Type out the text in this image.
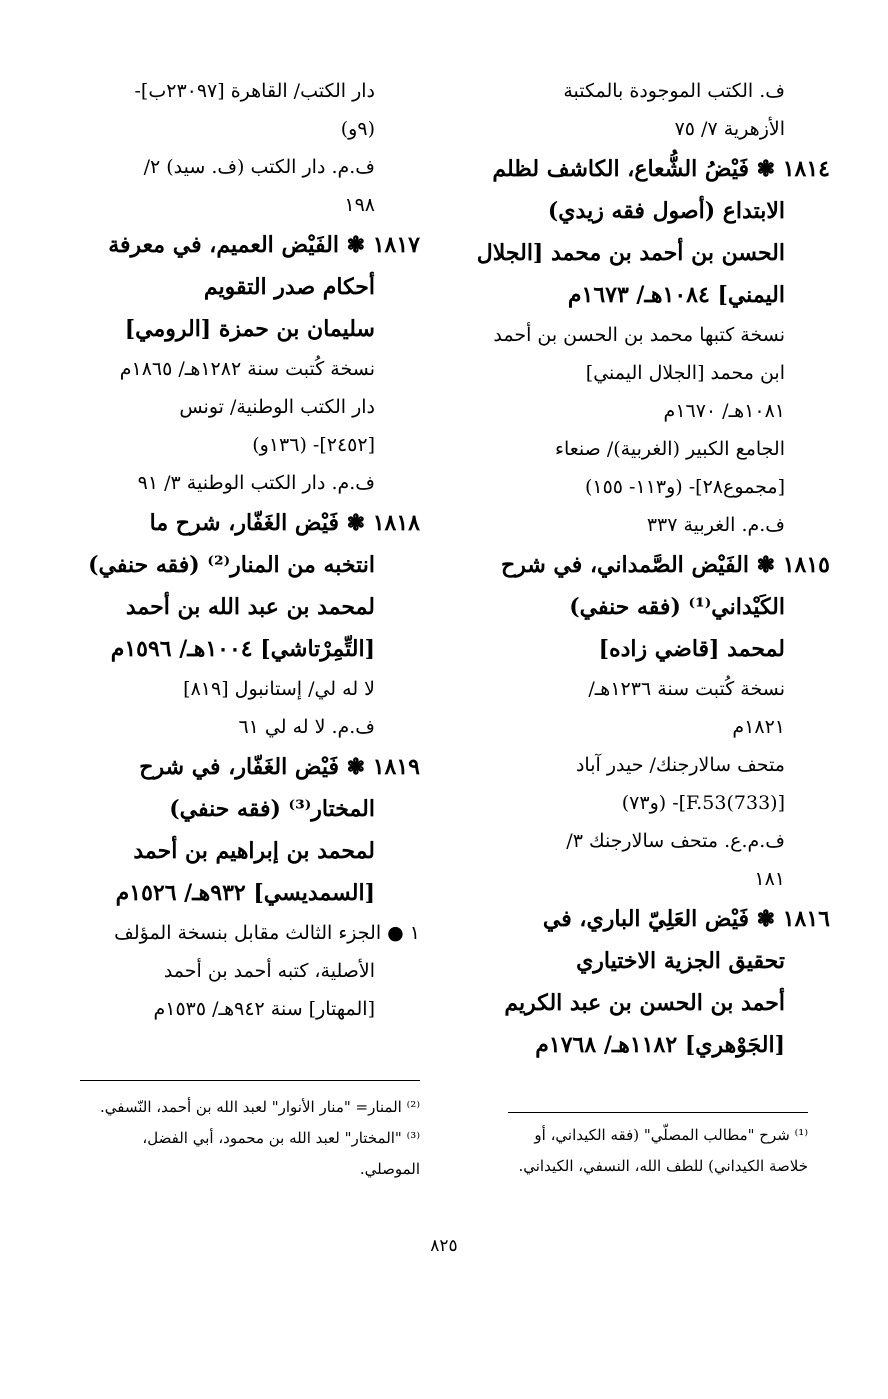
ف. الكتب الموجودة بالمكتبة
الأزهرية ٧/ ٧٥
١٨١٤ ❃ فَيْضُ الشُّعاع، الكاشف لظلم
الابتداع (أصول فقه زيدي)
الحسن بن أحمد بن محمد [الجلال
اليمني] ١٠٨٤هـ/ ١٦٧٣م
نسخة كتبها محمد بن الحسن بن أحمد
ابن محمد [الجلال اليمني]
١٠٨١هـ/ ١٦٧٠م
الجامع الكبير (الغربية)/ صنعاء
[مجموع٢٨]- (و١١٣- ١٥٥)
ف.م. الغربية ٣٣٧
١٨١٥ ❃ الفَيْض الصَّمداني، في شرح
الكَيْداني⁽¹⁾ (فقه حنفي)
لمحمد [قاضي زاده]
نسخة كُتبت سنة ١٢٣٦هـ/
١٨٢١م
متحف سالارجنك/ حيدر آباد
[F.53(733)]- (و٧٣)
ف.م.ع. متحف سالارجنك ٣/
١٨١
١٨١٦ ❃ فَيْض العَلِيّ الباري، في
تحقيق الجزية الاختياري
أحمد بن الحسن بن عبد الكريم
[الجَوْهري] ١١٨٢هـ/ ١٧٦٨م
دار الكتب/ القاهرة [٢٣٠٩٧ب]-
(٩و)
ف.م. دار الكتب (ف. سيد) ٢/
١٩٨
١٨١٧ ❃ الفَيْض العميم، في معرفة
أحكام صدر التقويم
سليمان بن حمزة [الرومي]
نسخة كُتبت سنة ١٢٨٢هـ/ ١٨٦٥م
دار الكتب الوطنية/ تونس
[٢٤٥٢]- (١٣٦و)
ف.م. دار الكتب الوطنية ٣/ ٩١
١٨١٨ ❃ فَيْض الغَفّار، شرح ما
انتخبه من المنار⁽²⁾ (فقه حنفي)
لمحمد بن عبد الله بن أحمد
[التِّمِرْتاشي] ١٠٠٤هـ/ ١٥٩٦م
لا له لي/ إستانبول [٨١٩]
ف.م. لا له لي ٦١
١٨١٩ ❃ فَيْض الغَفّار، في شرح
المختار⁽³⁾ (فقه حنفي)
لمحمد بن إبراهيم بن أحمد
[السمديسي] ٩٣٢هـ/ ١٥٢٦م
١ ● الجزء الثالث مقابل بنسخة المؤلف
الأصلية، كتبه أحمد بن أحمد
[المهتار] سنة ٩٤٢هـ/ ١٥٣٥م
⁽²⁾ المنار= "منار الأنوار" لعبد الله بن أحمد، النّسفي.
⁽³⁾ "المختار" لعبد الله بن محمود، أبي الفضل،
الموصلي.
⁽¹⁾ شرح "مطالب المصلّي" (فقه الكيداني، أو
خلاصة الكيداني) للطف الله، النسفي، الكيداني.
٨٢٥
